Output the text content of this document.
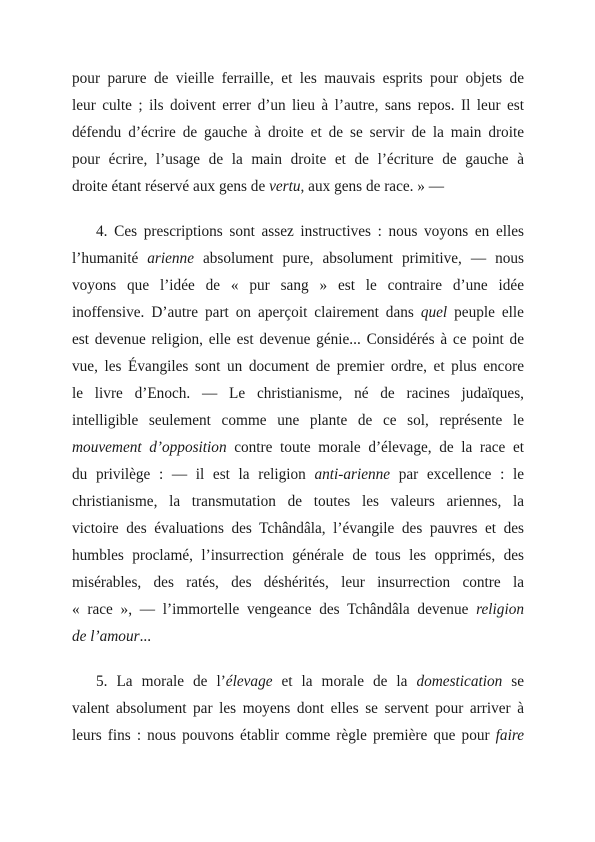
pour parure de vieille ferraille, et les mauvais esprits pour objets de
leur culte ; ils doivent errer d’un lieu à l’autre, sans repos. Il leur est
défendu d’écrire de gauche à droite et de se servir de la main droite
pour écrire, l’usage de la main droite et de l’écriture de gauche à
droite étant réservé aux gens de vertu, aux gens de race. » —
4. Ces prescriptions sont assez instructives : nous voyons en elles
l’humanité arienne absolument pure, absolument primitive, — nous
voyons que l’idée de « pur sang » est le contraire d’une idée
inoffensive. D’autre part on aperçoit clairement dans quel peuple elle
est devenue religion, elle est devenue génie... Considérés à ce point de
vue, les Évangiles sont un document de premier ordre, et plus encore
le livre d’Enoch. — Le christianisme, né de racines judaïques,
intelligible seulement comme une plante de ce sol, représente le
mouvement d’opposition contre toute morale d’élevage, de la race et
du privilège : — il est la religion anti-arienne par excellence : le
christianisme, la transmutation de toutes les valeurs ariennes, la
victoire des évaluations des Tchândâla, l’évangile des pauvres et des
humbles proclamé, l’insurrection générale de tous les opprimés, des
misérables, des ratés, des déshérités, leur insurrection contre la
« race », — l’immortelle vengeance des Tchândâla devenue religion
de l’amour...
5. La morale de l’élevage et la morale de la domestication se
valent absolument par les moyens dont elles se servent pour arriver à
leurs fins : nous pouvons établir comme règle première que pour faire
